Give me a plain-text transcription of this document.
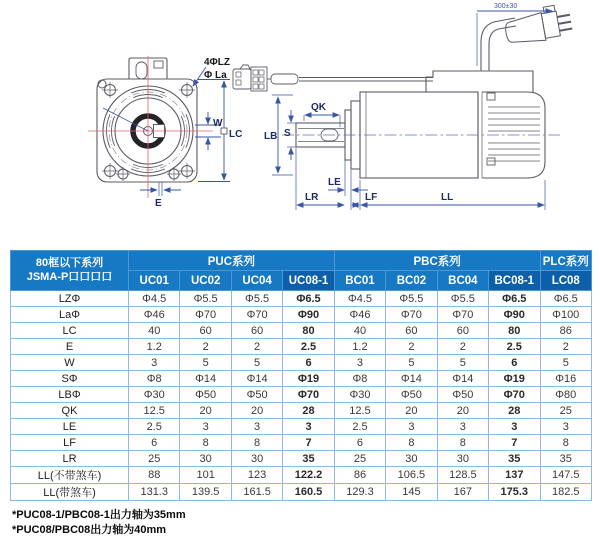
4ΦLZ
Φ La
W
LC
E
QK
S
LB
LE
LR	LF	LL
300±30
80框以下系列
JSMA-P口口口口	PUC系列				PBC系列				PLC系列
	UC01	UC02	UC04	UC08-1	BC01	BC02	BC04	BC08-1	LC08
LZΦ	Φ4.5	Φ5.5	Φ5.5	Φ6.5	Φ4.5	Φ5.5	Φ5.5	Φ6.5	Φ6.5
LaΦ	Φ46	Φ70	Φ70	Φ90	Φ46	Φ70	Φ70	Φ90	Φ100
LC	40	60	60	80	40	60	60	80	86
E	1.2	2	2	2.5	1.2	2	2	2.5	2
W	3	5	5	6	3	5	5	6	5
SΦ	Φ8	Φ14	Φ14	Φ19	Φ8	Φ14	Φ14	Φ19	Φ16
LBΦ	Φ30	Φ50	Φ50	Φ70	Φ30	Φ50	Φ50	Φ70	Φ80
QK	12.5	20	20	28	12.5	20	20	28	25
LE	2.5	3	3	3	2.5	3	3	3	3
LF	6	8	8	7	6	8	8	7	8
LR	25	30	30	35	25	30	30	35	35
LL(不带煞车)	88	101	123	122.2	86	106.5	128.5	137	147.5
LL(带煞车)	131.3	139.5	161.5	160.5	129.3	145	167	175.3	182.5
*PUC08-1/PBC08-1出力轴为35mm
*PUC08/PBC08出力轴为40mm
